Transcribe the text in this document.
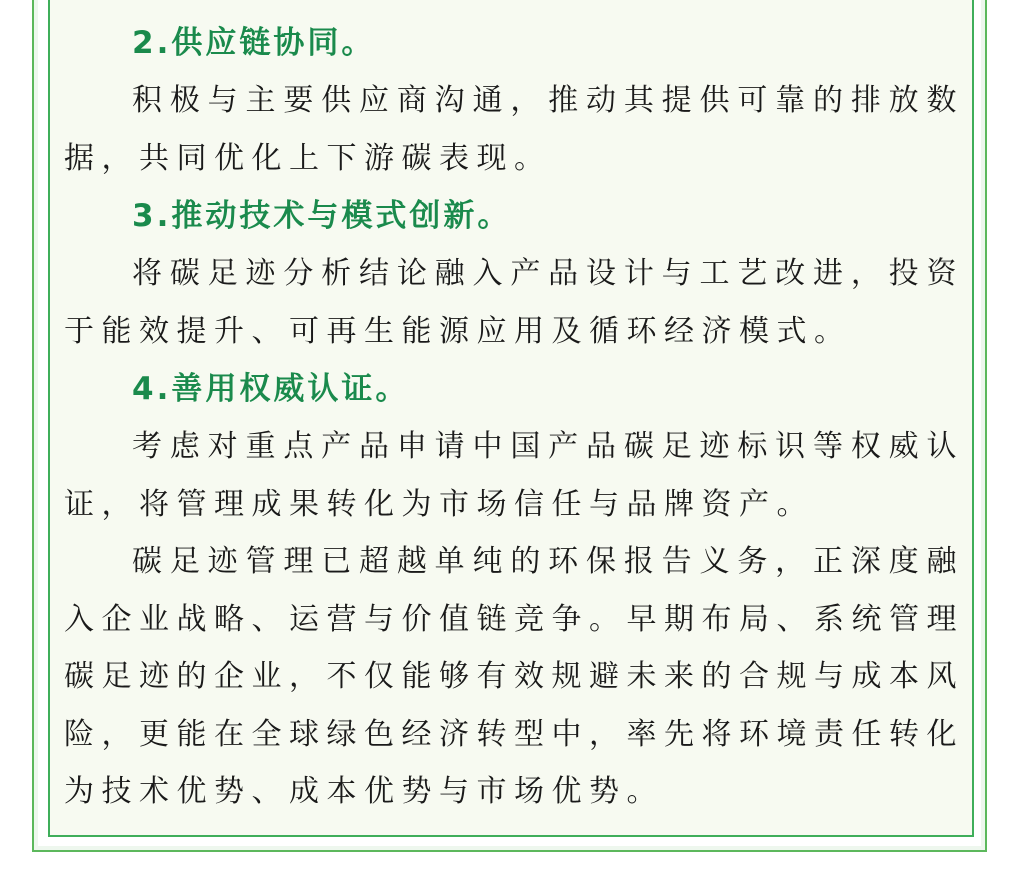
2.供应链协同。

积极与主要供应商沟通，推动其提供可靠的排放数据，共同优化上下游碳表现。

3.推动技术与模式创新。

将碳足迹分析结论融入产品设计与工艺改进，投资于能效提升、可再生能源应用及循环经济模式。

4.善用权威认证。

考虑对重点产品申请中国产品碳足迹标识等权威认证，将管理成果转化为市场信任与品牌资产。

碳足迹管理已超越单纯的环保报告义务，正深度融入企业战略、运营与价值链竞争。早期布局、系统管理碳足迹的企业，不仅能够有效规避未来的合规与成本风险，更能在全球绿色经济转型中，率先将环境责任转化为技术优势、成本优势与市场优势。
